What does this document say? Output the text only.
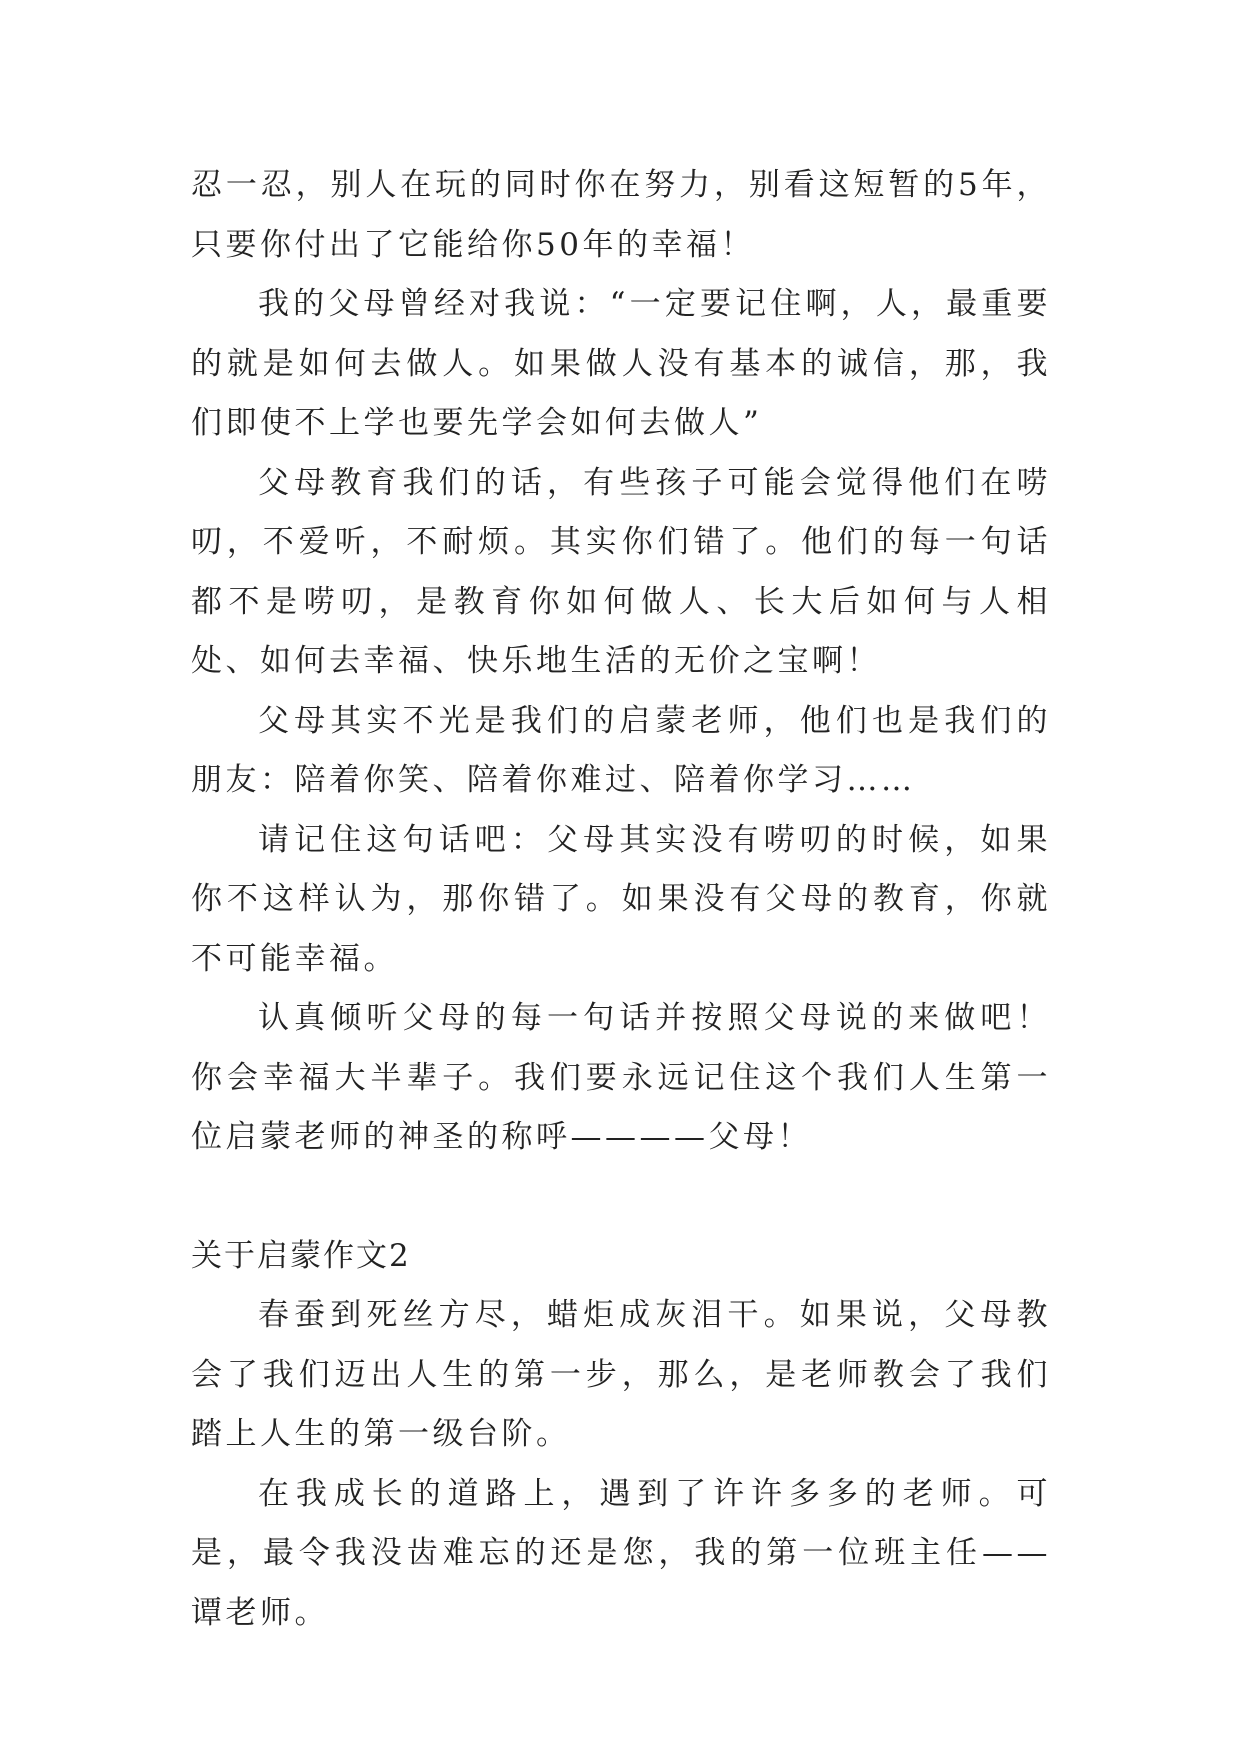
忍一忍，别人在玩的同时你在努力，别看这短暂的5年，只要你付出了它能给你50年的幸福！

我的父母曾经对我说：“一定要记住啊，人，最重要的就是如何去做人。如果做人没有基本的诚信，那，我们即使不上学也要先学会如何去做人”

父母教育我们的话，有些孩子可能会觉得他们在唠叨，不爱听，不耐烦。其实你们错了。他们的每一句话都不是唠叨，是教育你如何做人、长大后如何与人相处、如何去幸福、快乐地生活的无价之宝啊！

父母其实不光是我们的启蒙老师，他们也是我们的朋友：陪着你笑、陪着你难过、陪着你学习……

请记住这句话吧：父母其实没有唠叨的时候，如果你不这样认为，那你错了。如果没有父母的教育，你就不可能幸福。

认真倾听父母的每一句话并按照父母说的来做吧！你会幸福大半辈子。我们要永远记住这个我们人生第一位启蒙老师的神圣的称呼————父母！

关于启蒙作文2

春蚕到死丝方尽，蜡炬成灰泪干。如果说，父母教会了我们迈出人生的第一步，那么，是老师教会了我们踏上人生的第一级台阶。

在我成长的道路上，遇到了许许多多的老师。可是，最令我没齿难忘的还是您，我的第一位班主任——谭老师。
